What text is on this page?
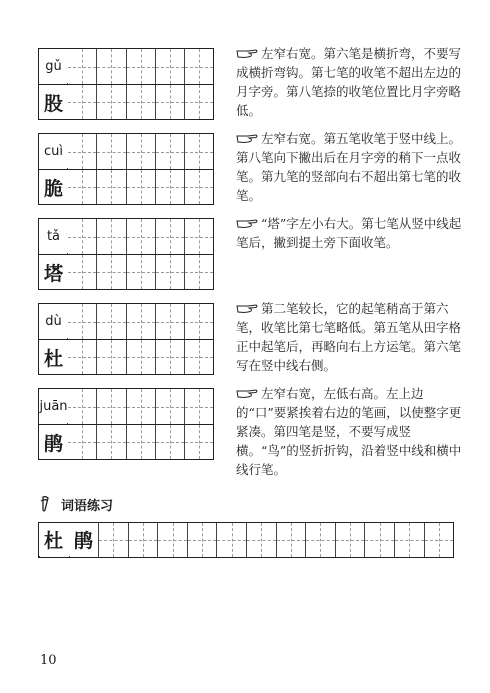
gǔ
股
左窄右宽。第六笔是横折弯，不要写成横折弯钩。第七笔的收笔不超出左边的月字旁。第八笔捺的收笔位置比月字旁略低。
cuì
脆
左窄右宽。第五笔收笔于竖中线上。第八笔向下撇出后在月字旁的稍下一点收笔。第九笔的竖部向右不超出第七笔的收笔。
tǎ
塔
“塔”字左小右大。第七笔从竖中线起笔后，撇到提土旁下面收笔。
dù
杜
第二笔较长，它的起笔稍高于第六笔，收笔比第七笔略低。第五笔从田字格正中起笔后，再略向右上方运笔。第六笔写在竖中线右侧。
juān
鹃
左窄右宽，左低右高。左上边的“口”要紧挨着右边的笔画，以使整字更紧凑。第四笔是竖，不要写成竖横。“鸟”的竖折折钩，沿着竖中线和横中线行笔。
词语练习
杜 鹃
10
